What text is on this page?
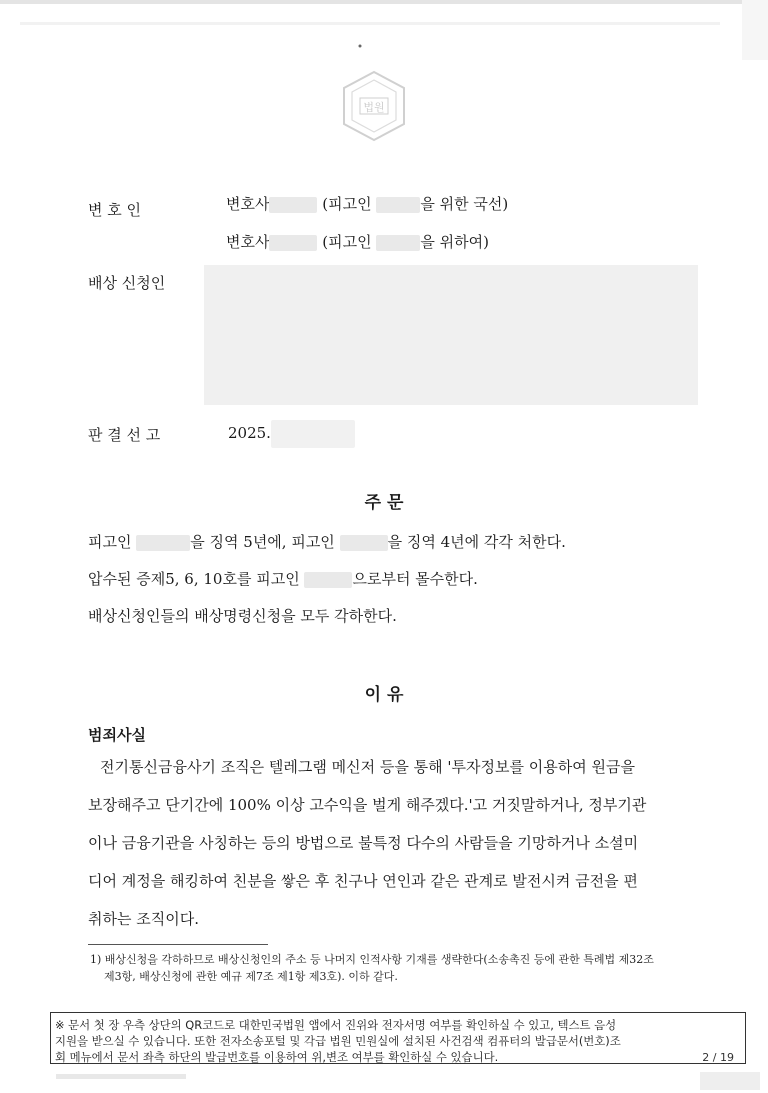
법원
변 호 인	변호사	(피고인	을 위한 국선)
변호사	(피고인	을 위하여)
배상 신청인
판 결 선 고	2025.
주 문
피고인	을 징역 5년에, 피고인	을 징역 4년에 각각 처한다.
압수된 증제5, 6, 10호를 피고인	으로부터 몰수한다.
배상신청인들의 배상명령신청을 모두 각하한다.
이 유
범죄사실
전기통신금융사기 조직은 텔레그램 메신저 등을 통해 '투자정보를 이용하여 원금을
보장해주고 단기간에 100% 이상 고수익을 벌게 해주겠다.'고 거짓말하거나, 정부기관
이나 금융기관을 사칭하는 등의 방법으로 불특정 다수의 사람들을 기망하거나 소셜미
디어 계정을 해킹하여 친분을 쌓은 후 친구나 연인과 같은 관계로 발전시켜 금전을 편
취하는 조직이다.
1) 배상신청을 각하하므로 배상신청인의 주소 등 나머지 인적사항 기재를 생략한다(소송촉진 등에 관한 특례법 제32조
제3항, 배상신청에 관한 예규 제7조 제1항 제3호). 이하 같다.
※ 문서 첫 장 우측 상단의 QR코드로 대한민국법원 앱에서 진위와 전자서명 여부를 확인하실 수 있고, 텍스트 음성
지원을 받으실 수 있습니다. 또한 전자소송포털 및 각급 법원 민원실에 설치된 사건검색 컴퓨터의 발급문서(번호)조
회 메뉴에서 문서 좌측 하단의 발급번호를 이용하여 위,변조 여부를 확인하실 수 있습니다.	2 / 19
